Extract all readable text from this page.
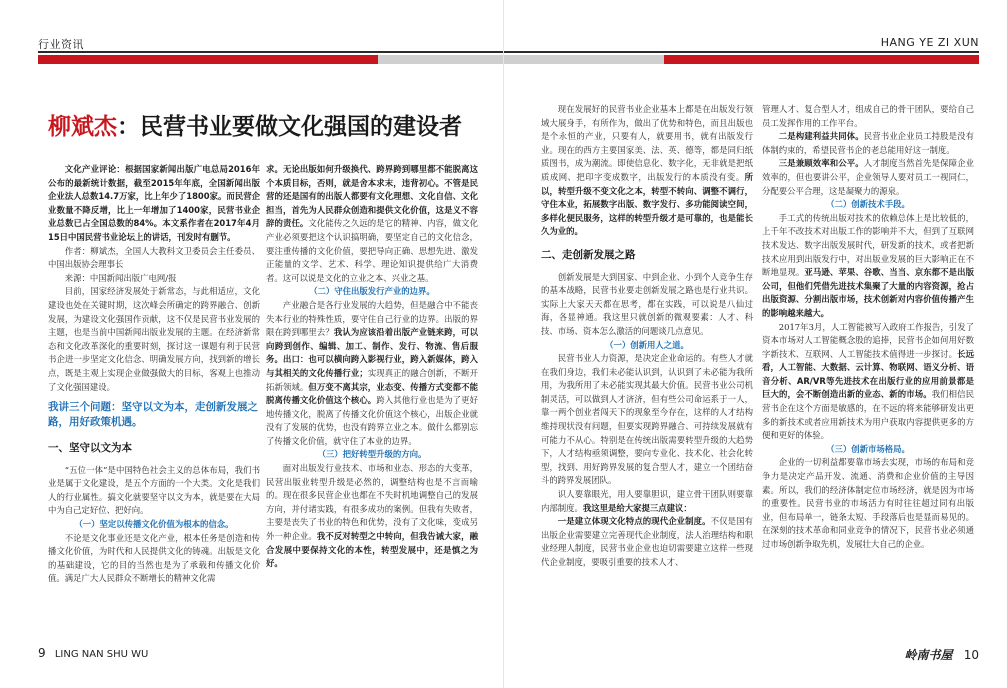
行业资讯	HANG YE ZI XUN
柳斌杰：民营书业要做文化强国的建设者

文化产业评论：根据国家新闻出版广电总局2016年公布的最新统计数据，截至2015年年底，全国新闻出版企业法人总数14.7万家，比上年少了1800家。而民营企业数量不降反增，比上一年增加了1400家，民营书业企业总数已占全国总数的84%。本文系作者在2017年4月15日中国民营书业论坛上的讲话，刊发时有删节。

作者：柳斌杰，全国人大教科文卫委员会主任委员、中国出版协会理事长

来源：中国新闻出版广电网/报

目前，国家经济发展处于新常态，与此相适应，文化建设也处在关键时期，这次峰会所确定的跨界融合、创新发展，为建设文化强国作贡献，这不仅是民营书业发展的主题，也是当前中国新闻出版业发展的主题。在经济新常态和文化改革深化的重要时刻，探讨这一课题有利于民营书企进一步坚定文化信念、明确发展方向，找到新的增长点，既是主观上实现企业做强做大的目标，客观上也推动了文化强国建设。

我讲三个问题：坚守以文为本，走创新发展之路，用好政策机遇。

一、坚守以文为本

“五位一体”是中国特色社会主义的总体布局，我们书业是属于文化建设，是五个方面的一个大类。文化是我们人的行业属性。搞文化就要坚守以文为本，就是要在大局中为自己定好位、把好向。

（一）坚定以传播文化价值为根本的信念。

不论是文化事业还是文化产业，根本任务是创造和传播文化价值，为时代和人民提供文化的铸魂。出版是文化的基础建设，它的目的当然也是为了承载和传播文化价值。满足广大人民群众不断增长的精神文化需

求。无论出版如何升级换代、跨界跨到哪里都不能脱离这个本质目标，否则，就是舍本求末，违背初心。不管是民营的还是国有的出版人都要有文化理想、文化自信、文化担当，首先为人民群众创造和提供文化价值，这是义不容辞的责任。文化能传之久远的是它的精神、内容，做文化产业必须要把这个认识搞明确，要坚定自己的文化信念，要注重传播的文化价值，要把导向正确、思想先进、激发正能量的文学、艺术、科学、理论知识提供给广大消费者。这可以说是文化的立业之本、兴业之基。

（二）守住出版发行产业的边界。

产业融合是各行业发展的大趋势，但是融合中不能丧失本行业的特殊性质，要守住自己行业的边界。出版的界限在跨到哪里去？我认为应该沿着出版产业链来跨，可以向跨到创作、编辑、加工、制作、发行、物流、售后服务。出口：也可以横向跨入影视行业，跨入新媒体，跨入与其相关的文化传播行业；实现真正的融合创新，不断开拓新领域。但万变不离其宗，业态变、传播方式变都不能脱离传播文化价值这个核心。跨入其他行业也是为了更好地传播文化，脱离了传播文化价值这个核心，出版企业就没有了发展的优势，也没有跨界立业之本。做什么都别忘了传播文化价值，就守住了本业的边界。

（三）把好转型升级的方向。

面对出版发行业技术、市场和业态、形态的大变革，民营出版业转型升级是必然的，调整结构也是不言而喻的。现在很多民营企业也都在不失时机地调整自己的发展方向，并付诸实践，有很多成功的案例。但我有失败者，主要是丧失了书业的特色和优势，没有了文化味，变成另外一种企业。我不反对转型之中转向，但我告诫大家，融合发展中要保持文化的本性，转型发展中，还是慎之为好。

现在发展好的民营书业企业基本上都是在出版发行领域大展身手，有所作为，做出了优势和特色，而且出版也是个永恒的产业，只要有人，就要用书，就有出版发行业。现在的西方主要国家美、法、英、德等，都是同归纸质图书，成为潮流。即使信息化、数字化，无非就是把纸质成网、把印字变成数字，出版发行的本质没有变。所以，转型升级不变文化之本，转型不转向、调整不调行，守住本业，拓展数字出版、数字发行、多功能阅读空间，多样化便民服务，这样的转型升级才是可靠的，也是能长久为业的。

二、走创新发展之路

创新发展是大到国家、中到企业、小到个人竞争生存的基本战略，民营书业要走创新发展之路也是行业共识。实际上大家天天都在思考，都在实践，可以说是八仙过海，各显神通。我这里只就创新的微观要素：人才、科技、市场、资本怎么激活的问题谈几点意见。

（一）创新用人之道。

民营书业人力资源，是决定企业命运的。有些人才就在我们身边，我们未必能认识到，认识到了未必能为我所用，为我所用了未必能实现其最大价值。民营书业公司机制灵活，可以做到人才济济，但有些公司命运系于一人，靠一两个创业者闯天下的现象至今存在，这样的人才结构维持现状没有问题，但要实现跨界融合、可持续发展就有可能力不从心。特别是在传统出版需要转型升级的大趋势下，人才结构亟须调整，要向专业化、技术化、社会化转型，找到、用好跨界发展的复合型人才，建立一个团结奋斗的跨界发展团队。

识人要靠眼光，用人要靠胆识，建立骨干团队则要靠内部制度。我这里是给大家提三点建议：

一是建立体现文化特点的现代企业制度。不仅是国有出版企业需要建立完善现代企业制度，法人治理结构和职业经理人制度，民营书业企业也迫切需要建立这样一些现代企业制度，要吸引重要的技术人才、

管理人才、复合型人才，组成自己的骨干团队，要给自己员工发挥作用的工作平台。

二是构建利益共同体。民营书业企业员工持股是没有体制约束的，希望民营书企的老总能用好这一制度。

三是兼顾效率和公平。人才制度当然首先是保障企业效率的，但也要讲公平，企业领导人要对员工一视同仁，分配要公平合理，这是凝聚力的源泉。

（二）创新技术手段。

手工式的传统出版对技术的依赖总体上是比较低的，上千年不改技术对出版工作的影响并不大，但到了互联网技术发达、数字出版发展时代，研发新的技术，或者把新技术应用到出版发行中，对出版业发展的巨大影响正在不断地显现。亚马逊、苹果、谷歌、当当、京东都不是出版公司，但他们凭借先进技术集聚了大量的内容资源，抢占出版资源、分割出版市场，技术创新对内容价值传播产生的影响越来越大。

2017年3月，人工智能被写入政府工作报告，引发了资本市场对人工智能概念股的追捧，民营书企如何用好数字新技术、互联网、人工智能技术值得进一步探讨。长远看，人工智能、大数据、云计算、物联网、语义分析、语音分析、AR/VR等先进技术在出版行业的应用前景都是巨大的，会不断创造出新的业态、新的市场。我们相信民营书企在这个方面是敏感的，在不远的将来能够研发出更多的新技术或者应用新技术为用户获取内容提供更多的方便和更好的体验。

（三）创新市场格局。

企业的一切利益都要靠市场去实现，市场的布局和竞争力是决定产品开发、流通、消费和企业价值的主导因素。所以，我们的经济体制定位市场经济，就是因为市场的重要性。民营书业的市场活力有时往往超过同有出版业，但布局单一，链条太短、手段落后也是显而易见的。在深刻的技术革命和同业竞争的情况下，民营书业必须通过市场创新争取先机，发展壮大自己的企业。

9 LING NAN SHU WU	岭南书屋 10
